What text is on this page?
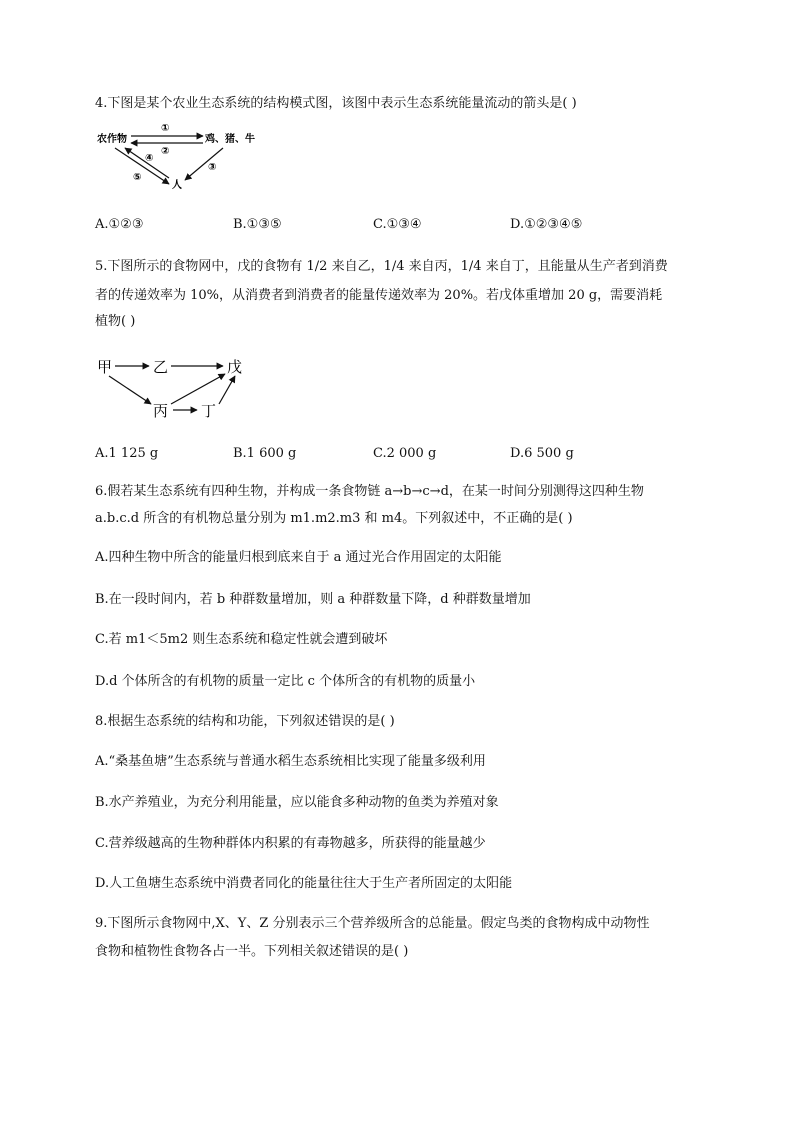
4.下图是某个农业生态系统的结构模式图，该图中表示生态系统能量流动的箭头是( )

农作物	鸡、猪、牛
人
①
②
③
④
⑤
A.①②③	B.①③⑤	C.①③④	D.①②③④⑤

5.下图所示的食物网中，戊的食物有 1/2 来自乙，1/4 来自丙，1/4 来自丁，且能量从生产者到消费

者的传递效率为 10%，从消费者到消费者的能量传递效率为 20%。若戊体重增加 20 g，需要消耗

植物( )

甲	乙	戊
丙 丁
A.1 125 g	B.1 600 g	C.2 000 g	D.6 500 g

6.假若某生态系统有四种生物，并构成一条食物链 a→b→c→d，在某一时间分别测得这四种生物

a.b.c.d 所含的有机物总量分别为 m1.m2.m3 和 m4。下列叙述中，不正确的是( )

A.四种生物中所含的能量归根到底来自于 a 通过光合作用固定的太阳能

B.在一段时间内，若 b 种群数量增加，则 a 种群数量下降，d 种群数量增加

C.若 m1＜5m2 则生态系统和稳定性就会遭到破坏

D.d 个体所含的有机物的质量一定比 c 个体所含的有机物的质量小

8.根据生态系统的结构和功能，下列叙述错误的是( )

A.“桑基鱼塘”生态系统与普通水稻生态系统相比实现了能量多级利用

B.水产养殖业，为充分利用能量，应以能食多种动物的鱼类为养殖对象

C.营养级越高的生物种群体内积累的有毒物越多，所获得的能量越少

D.人工鱼塘生态系统中消费者同化的能量往往大于生产者所固定的太阳能

9.下图所示食物网中,X、Y、Z 分别表示三个营养级所含的总能量。假定鸟类的食物构成中动物性

食物和植物性食物各占一半。下列相关叙述错误的是( )
